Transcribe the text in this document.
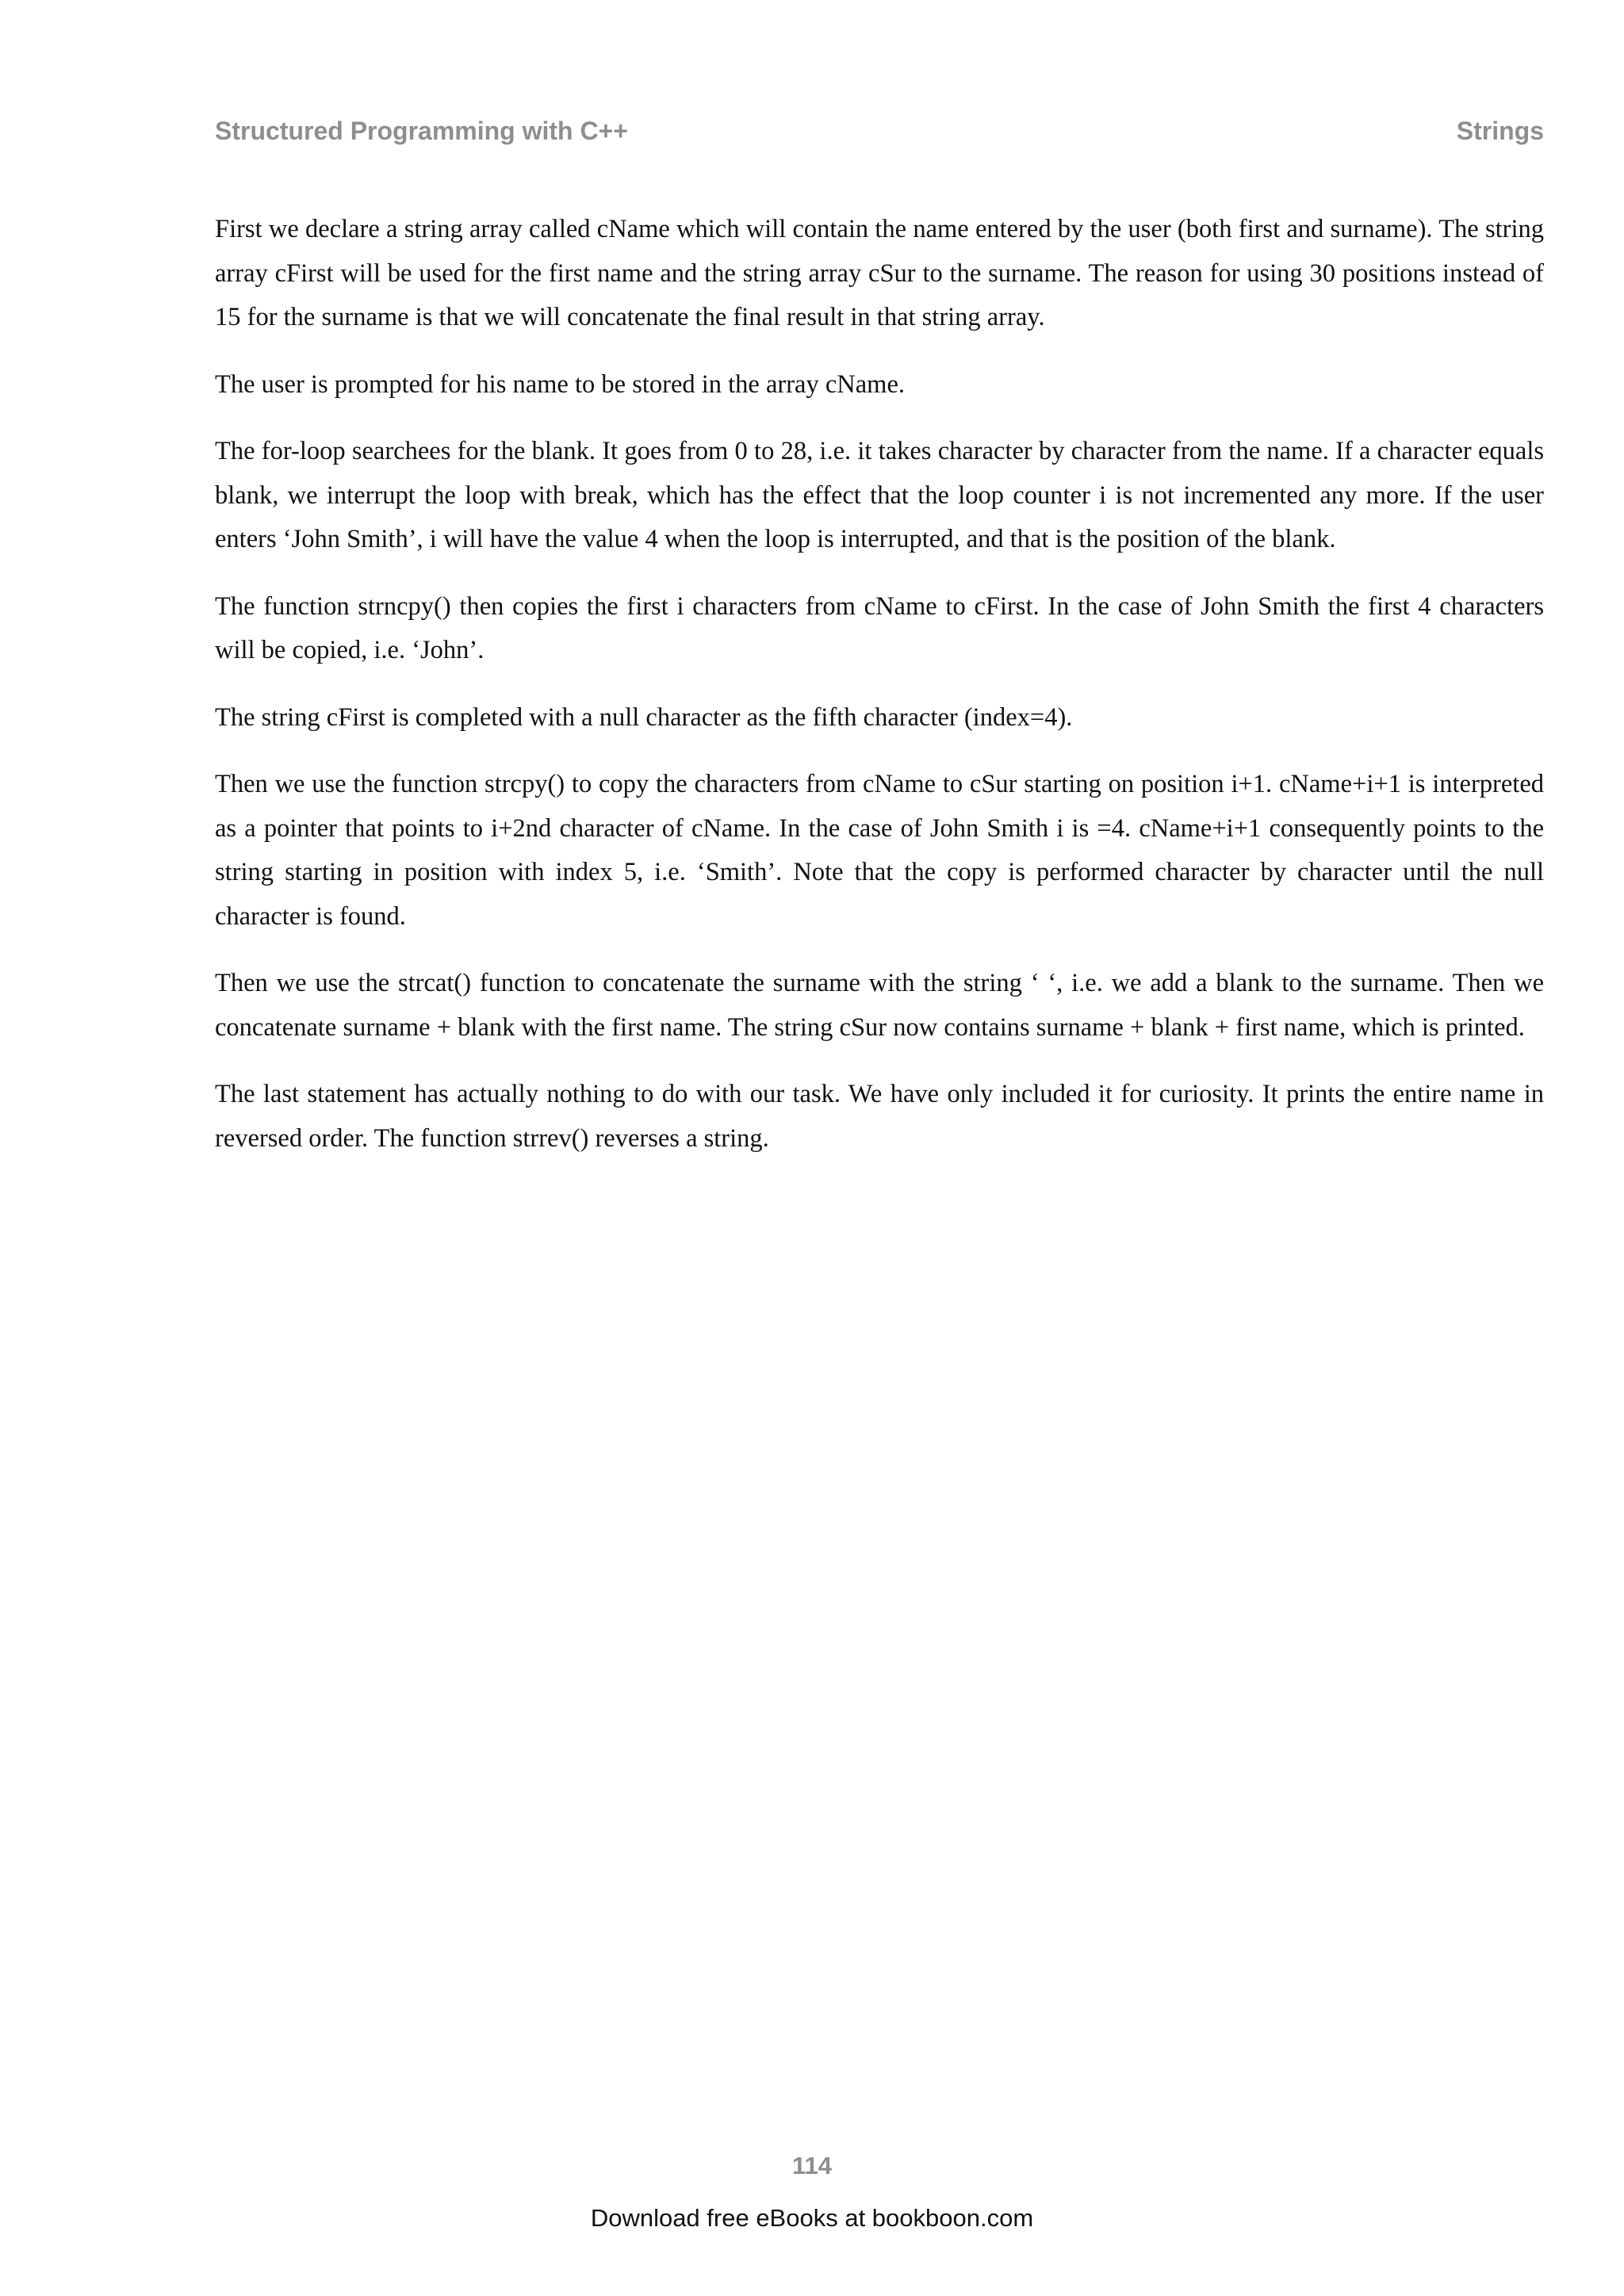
Structured Programming with C++	Strings

First we declare a string array called cName which will contain the name entered by the user (both first and surname). The string array cFirst will be used for the first name and the string array cSur to the surname. The reason for using 30 positions instead of 15 for the surname is that we will concatenate the final result in that string array.

The user is prompted for his name to be stored in the array cName.

The for-loop searchees for the blank. It goes from 0 to 28, i.e. it takes character by character from the name. If a character equals blank, we interrupt the loop with break, which has the effect that the loop counter i is not incremented any more. If the user enters ‘John Smith’, i will have the value 4 when the loop is interrupted, and that is the position of the blank.

The function strncpy() then copies the first i characters from cName to cFirst. In the case of John Smith the first 4 characters will be copied, i.e. ‘John’.

The string cFirst is completed with a null character as the fifth character (index=4).

Then we use the function strcpy() to copy the characters from cName to cSur starting on position i+1. cName+i+1 is interpreted as a pointer that points to i+2nd character of cName. In the case of John Smith i is =4. cName+i+1 consequently points to the string starting in position with index 5, i.e. ‘Smith’. Note that the copy is performed character by character until the null character is found.

Then we use the strcat() function to concatenate the surname with the string ‘ ‘, i.e. we add a blank to the surname. Then we concatenate surname + blank with the first name. The string cSur now contains surname + blank + first name, which is printed.

The last statement has actually nothing to do with our task. We have only included it for curiosity. It prints the entire name in reversed order. The function strrev() reverses a string.

114
Download free eBooks at bookboon.com
